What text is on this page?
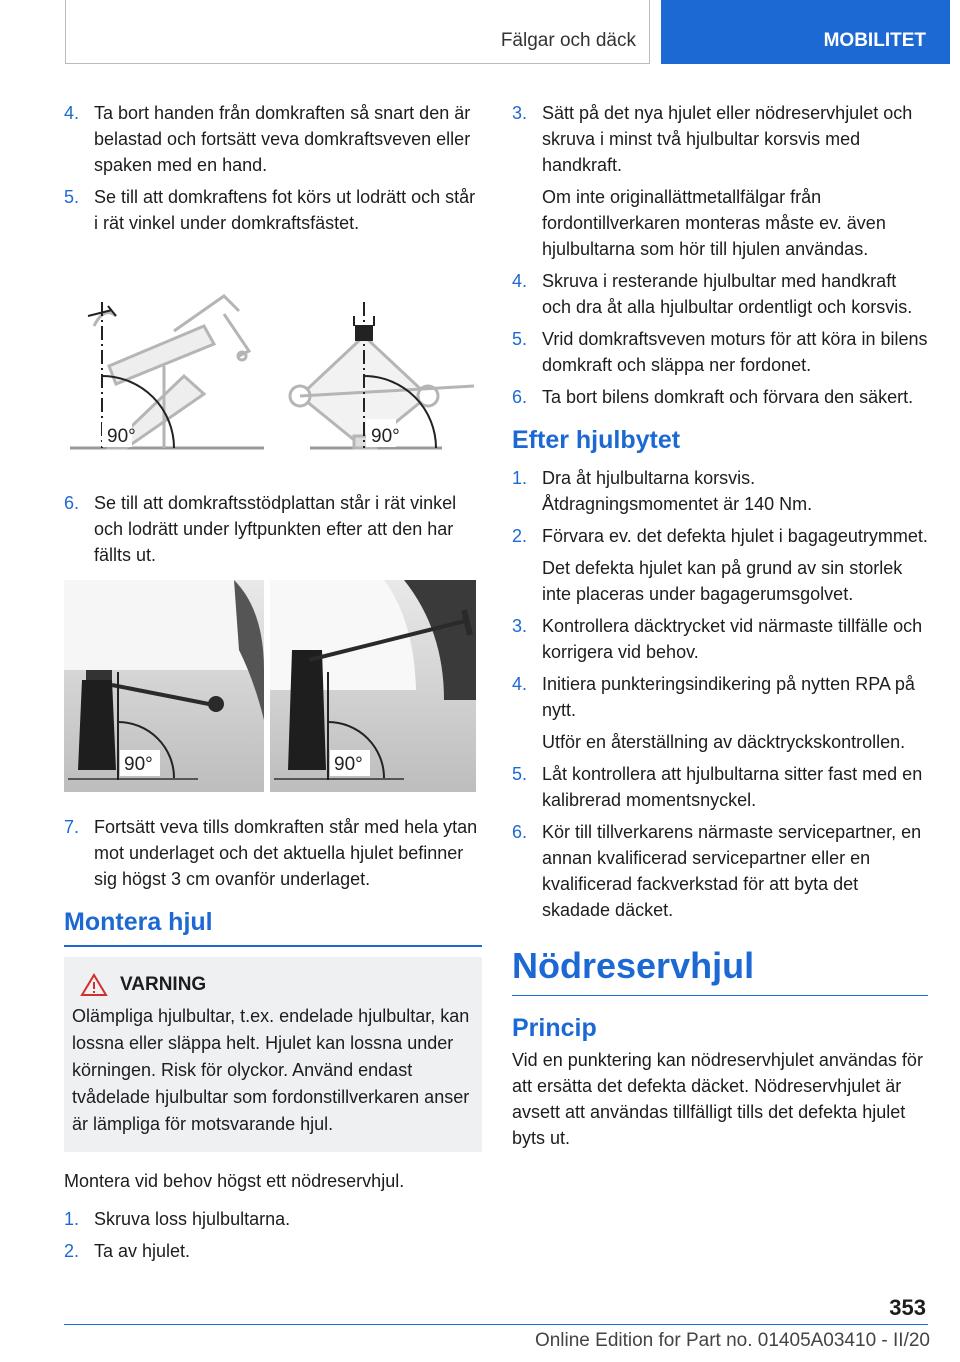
Fälgar och däck	MOBILITET
4. Ta bort handen från domkraften så snart den är belastad och fortsätt veva domkraftsveven eller spaken med en hand.
5. Se till att domkraftens fot körs ut lodrätt och står i rät vinkel under domkraftsfästet.
90°	90°
6. Se till att domkraftsstödplattan står i rät vinkel och lodrätt under lyftpunkten efter att den har fällts ut.
90°	90°
7. Fortsätt veva tills domkraften står med hela ytan mot underlaget och det aktuella hjulet befinner sig högst 3 cm ovanför underlaget.
Montera hjul
VARNING

Olämpliga hjulbultar, t.ex. endelade hjulbultar, kan lossna eller släppa helt. Hjulet kan lossna under körningen. Risk för olyckor. Använd endast tvådelade hjulbultar som fordonstillverkaren anser är lämpliga för motsvarande hjul.

Montera vid behov högst ett nödreservhjul.

1. Skruva loss hjulbultarna.
2. Ta av hjulet.
3. Sätt på det nya hjulet eller nödreservhjulet och skruva i minst två hjulbultar korsvis med handkraft.

Om inte originallättmetallfälgar från fordontillverkaren monteras måste ev. även hjulbultarna som hör till hjulen användas.

4. Skruva i resterande hjulbultar med handkraft och dra åt alla hjulbultar ordentligt och korsvis.
5. Vrid domkraftsveven moturs för att köra in bilens domkraft och släppa ner fordonet.
6. Ta bort bilens domkraft och förvara den säkert.
Efter hjulbytet
1. Dra åt hjulbultarna korsvis. Åtdragningsmomentet är 140 Nm.
2. Förvara ev. det defekta hjulet i bagageutrymmet.

Det defekta hjulet kan på grund av sin storlek inte placeras under bagagerumsgolvet.

3. Kontrollera däcktrycket vid närmaste tillfälle och korrigera vid behov.
4. Initiera punkteringsindikering på nytten RPA på nytt.

Utför en återställning av däcktryckskontrollen.

5. Låt kontrollera att hjulbultarna sitter fast med en kalibrerad momentsnyckel.
6. Kör till tillverkarens närmaste servicepartner, en annan kvalificerad servicepartner eller en kvalificerad fackverkstad för att byta det skadade däcket.
Nödreservhjul
Princip

Vid en punktering kan nödreservhjulet användas för att ersätta det defekta däcket. Nödreservhjulet är avsett att användas tillfälligt tills det defekta hjulet byts ut.

353
Online Edition for Part no. 01405A03410 - II/20
